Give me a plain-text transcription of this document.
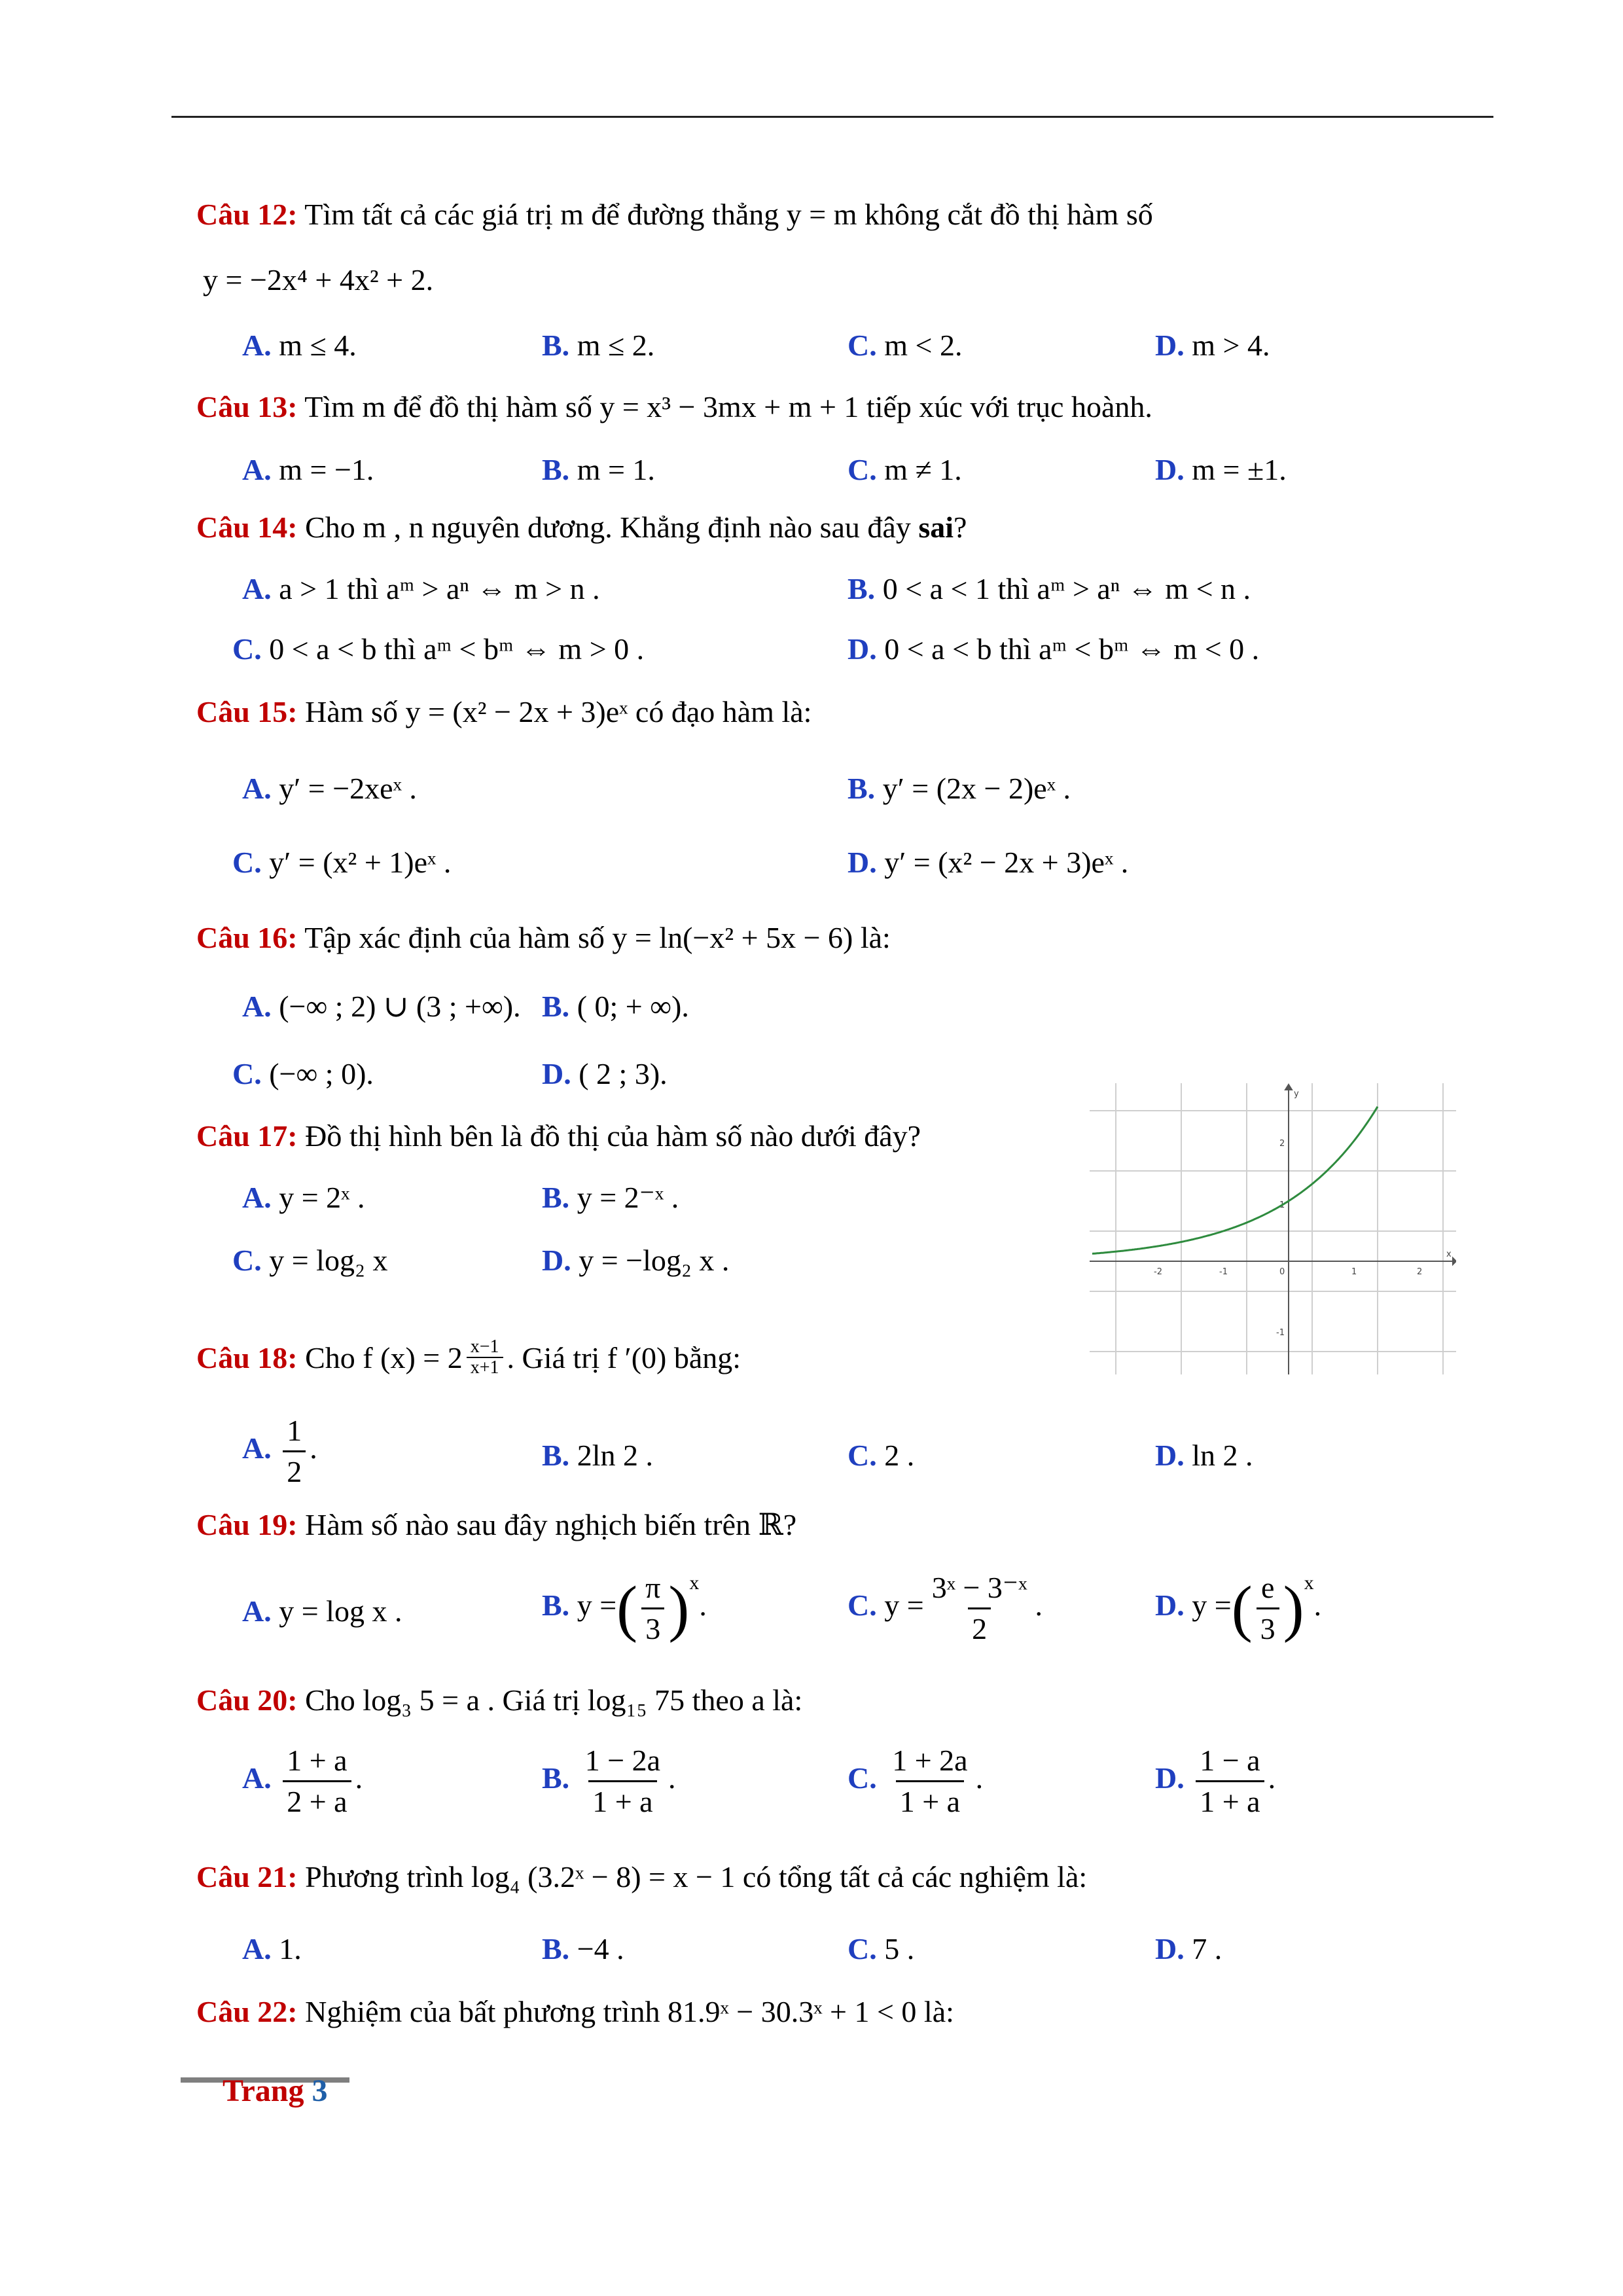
Câu 12: Tìm tất cả các giá trị m để đường thẳng y = m không cắt đồ thị hàm số
y = −2x⁴ + 4x² + 2.
A. m ≤ 4.	B. m ≤ 2.	C. m < 2.	D. m > 4.
Câu 13: Tìm m để đồ thị hàm số y = x³ − 3mx + m + 1 tiếp xúc với trục hoành.
A. m = −1.	B. m = 1.	C. m ≠ 1.	D. m = ±1.
Câu 14: Cho m , n nguyên dương. Khẳng định nào sau đây sai?
A. a > 1 thì aᵐ > aⁿ ⇔ m > n .	B. 0 < a < 1 thì aᵐ > aⁿ ⇔ m < n .
C. 0 < a < b thì aᵐ < bᵐ ⇔ m > 0 .	D. 0 < a < b thì aᵐ < bᵐ ⇔ m < 0 .
Câu 15: Hàm số y = (x² − 2x + 3)eˣ có đạo hàm là:
A. y′ = −2xeˣ .	B. y′ = (2x − 2)eˣ .
C. y′ = (x² + 1)eˣ .	D. y′ = (x² − 2x + 3)eˣ .
Câu 16: Tập xác định của hàm số y = ln(−x² + 5x − 6) là:
A. (−∞ ; 2) ∪ (3 ; +∞). B. ( 0; + ∞).
C. (−∞ ; 0).	D. ( 2 ; 3).
Câu 17: Đồ thị hình bên là đồ thị của hàm số nào dưới đây?
A. y = 2ˣ .	B. y = 2⁻ˣ .
C. y = log₂ x	D. y = −log₂ x .	-2	-1	0	1	2
-1
1
2
x
y
Câu 18: Cho f $(x) = 2 \frac{x-1}{x+1}$ . Giá trị f ′(0) bằng:
A. $\frac{1}{2}$ .	B. 2ln 2 .	C. 2 .	D. ln 2 .
Câu 19: Hàm số nào sau đây nghịch biến trên ℝ?
A. y = log x .	B. y =( $\frac{\pi}{3} )^x$.	C. $y = \frac{\text{3ˣ − 3⁻ˣ}}{2}$ .	D. y =( $\frac{e}{3} )^x$.
Câu 20: Cho log₃ 5 = a . Giá trị log₁₅ 75 theo a là:
A. $\frac{1 + a}{2 + a}$ .	B. $\frac{1 - 2a}{1 + a}$ .	C. $\frac{1 + 2a}{1 + a}$ .	D. $\frac{1 - a}{1 + a}$ .
Câu 21: Phương trình log₄ (3.2ˣ − 8) = x − 1 có tổng tất cả các nghiệm là:
A. 1.	B. −4 .	C. 5 .	D. 7 .
Câu 22: Nghiệm của bất phương trình 81.9ˣ − 30.3ˣ + 1 < 0 là:
Trang 3
